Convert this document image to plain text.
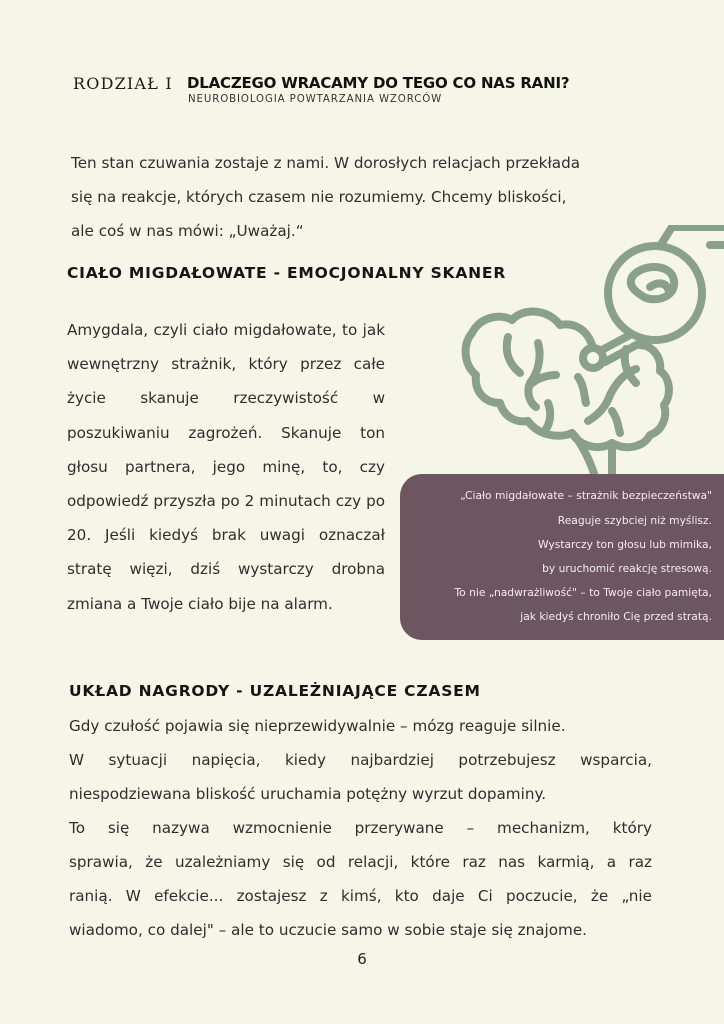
RODZIAŁ I DLACZEGO WRACAMY DO TEGO CO NAS RANI?
NEUROBIOLOGIA POWTARZANIA WZORCÓW

Ten stan czuwania zostaje z nami. W dorosłych relacjach przekłada

się na reakcje, których czasem nie rozumiemy. Chcemy bliskości,

ale coś w nas mówi: „Uważaj.“

CIAŁO MIGDAŁOWATE - EMOCJONALNY SKANER

Amygdala, czyli ciało migdałowate, to jak wewnętrzny strażnik, który przez całe życie skanuje rzeczywistość w poszukiwaniu zagrożeń. Skanuje ton głosu partnera, jego minę, to, czy odpowiedź przyszła po 2 minutach czy po 20. Jeśli kiedyś brak uwagi oznaczał stratę więzi, dziś wystarczy drobna zmiana a Twoje ciało bije na alarm.

„Ciało migdałowate – strażnik bezpieczeństwa"
Reaguje szybciej niż myślisz.
Wystarczy ton głosu lub mimika,
by uruchomić reakcję stresową.
To nie „nadwrażliwość" – to Twoje ciało pamięta,
jak kiedyś chroniło Cię przed stratą.
UKŁAD NAGRODY - UZALEŻNIAJĄCE CZASEM

Gdy czułość pojawia się nieprzewidywalnie – mózg reaguje silnie.

W sytuacji napięcia, kiedy najbardziej potrzebujesz wsparcia,

niespodziewana bliskość uruchamia potężny wyrzut dopaminy.

To się nazywa wzmocnienie przerywane – mechanizm, który

sprawia, że uzależniamy się od relacji, które raz nas karmią, a raz

ranią. W efekcie... zostajesz z kimś, kto daje Ci poczucie, że „nie

wiadomo, co dalej" – ale to uczucie samo w sobie staje się znajome.

6
